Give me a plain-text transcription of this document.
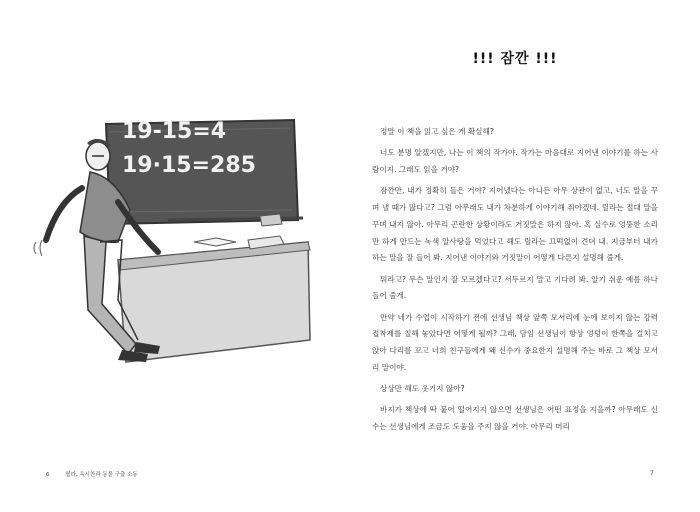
19-15=4
19·15=285
6	릴라, 옥시찬과 동물 구출 소동
!!! 잠깐 !!!

정말 이 책을 읽고 싶은 게 확실해?

너도 분명 알겠지만, 나는 이 책의 작가야. 작가는 마음대로 지어낸 이야기를 하는 사람이지. 그래도 읽을 거야?

잠깐만, 내가 정확히 들은 거야? 지어냈다는 아니든 아무 상관이 없고, 너도 말을 꾸며 낼 때가 많다고? 그럼 아무래도 내가 차분하게 이야기해 줘야겠네. 릴라는 절대 말을 꾸며 내지 않아. 아무리 곤란한 상황이라도 거짓말은 하지 않아. 혹 실수로 엉뚱한 소리만 하게 만드는 녹색 알사탕을 먹었다고 해도 릴라는 끄떡없이 견뎌 내. 지금부터 내가 하는 말을 잘 들어 봐. 지어낸 이야기와 거짓말이 어떻게 다른지 설명해 줄게.

뭐라고? 무슨 말인지 잘 모르겠다고? 서두르지 말고 기다려 봐. 알기 쉬운 예를 하나 들어 줄게.

만약 네가 수업이 시작하기 전에 선생님 책상 앞쪽 모서리에 눈에 보이지 않는 강력 접착제를 칠해 놓았다면 어떻게 될까? 그래, 담임 선생님이 항상 엉덩이 한쪽을 걸치고 앉아 다리를 꼬고 너희 친구들에게 왜 신수가 중요한지 설명해 주는 바로 그 책상 모서리 말이야.

상상만 해도 웃기지 않아?

바지가 책상에 딱 붙어 떨어지지 않으면 선생님은 어떤 표정을 지을까? 아무래도 신수는 선생님에게 조금도 도움을 주지 않을 거야. 아무리 머리

7
